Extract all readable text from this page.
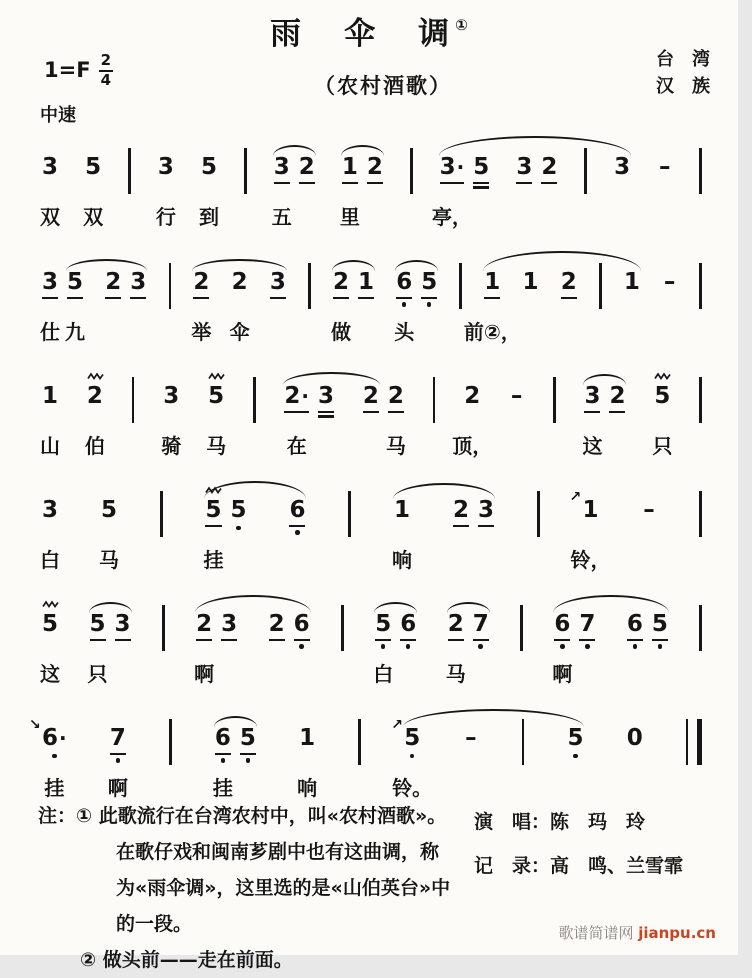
雨　伞　调①
$1=F \frac{2}{4}$	（农村酒歌）
台　湾
汉　族
中速
3
双
5
双
3
行
5
到
3
五
2 1
里
2 3 ·
亭，
5 3 2 3 –
3
仕
5
九
2 3 2
举
2
伞
3 2
做
1 6
头
5 1
前②，
1 2 1 –
1
山
2
伯
3
骑
5
马
2 ·
在
3 2 2
马
2
顶，
–	3
这
2 5
只
3
白
5
马
5
挂
5 6	1
响
2 3	↗ 1
铃，
–
5
这
5
只
3	2
啊
3 2 6	5
白
6 2
马
7	6
啊
7 6 5
↘ 6 ·
挂
7
啊
6
挂
5 1
响
↗ 5
铃。
–	5 0

注：① 此歌流行在台湾农村中，叫«农村酒歌»。在歌仔戏和闽南芗剧中也有这曲调，称为«雨伞调»，这里选的是«山伯英台»中的一段。

② 做头前——走在前面。

演　唱：陈　玛　玲
记　录：高　鸣、兰雪霏
歌谱简谱网 jianpu.cn
